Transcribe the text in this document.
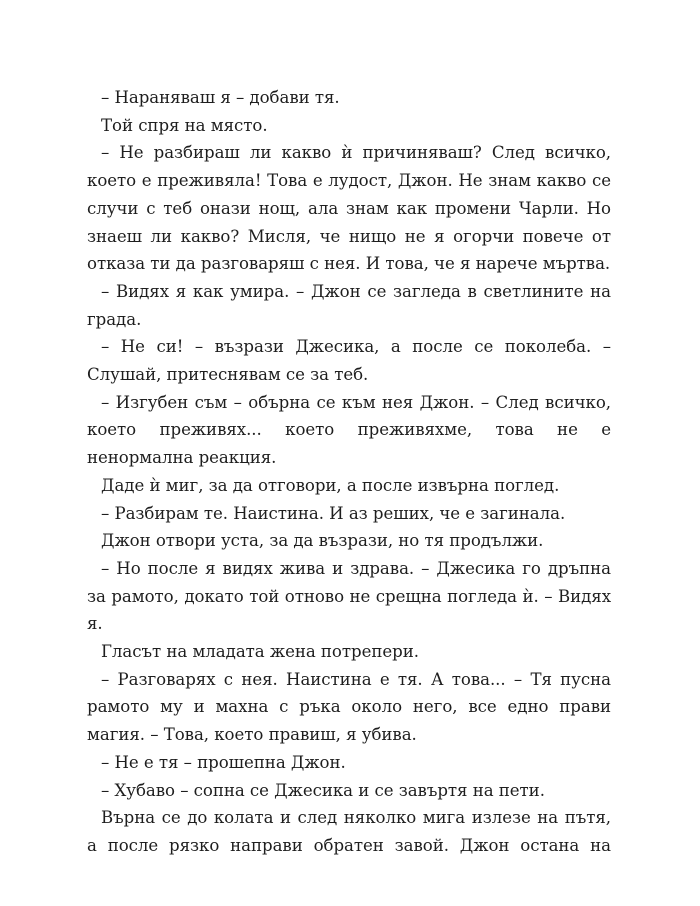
– Нараняваш я – добави тя.

Той спря на място.

– Не разбираш ли какво ѝ причиняваш? След всичко, което е преживяла! Това е лудост, Джон. Не знам какво се случи с теб онази нощ, ала знам как промени Чарли. Но знаеш ли какво? Мисля, че нищо не я огорчи повече от отказа ти да разговаряш с нея. И това, че я нарече мъртва.

– Видях я как умира. – Джон се загледа в светлините на града.

– Не си! – възрази Джесика, а после се поколеба. – Слушай, притеснявам се за теб.

– Изгубен съм – обърна се към нея Джон. – След всичко, което преживях... което преживяхме, това не е ненормална реакция.

Даде ѝ миг, за да отговори, а после извърна поглед.

– Разбирам те. Наистина. И аз реших, че е загинала.

Джон отвори уста, за да възрази, но тя продължи.

– Но после я видях жива и здрава. – Джесика го дръпна за рамото, докато той отново не срещна погледа ѝ. – Видях я.

Гласът на младата жена потрепери.

– Разговарях с нея. Наистина е тя. А това... – Тя пусна рамото му и махна с ръка около него, все едно прави магия. – Това, което правиш, я убива.

– Не е тя – прошепна Джон.

– Хубаво – сопна се Джесика и се завъртя на пети.

Върна се до колата и след няколко мига излезе на пътя, а после рязко направи обратен завой. Джон остана на
